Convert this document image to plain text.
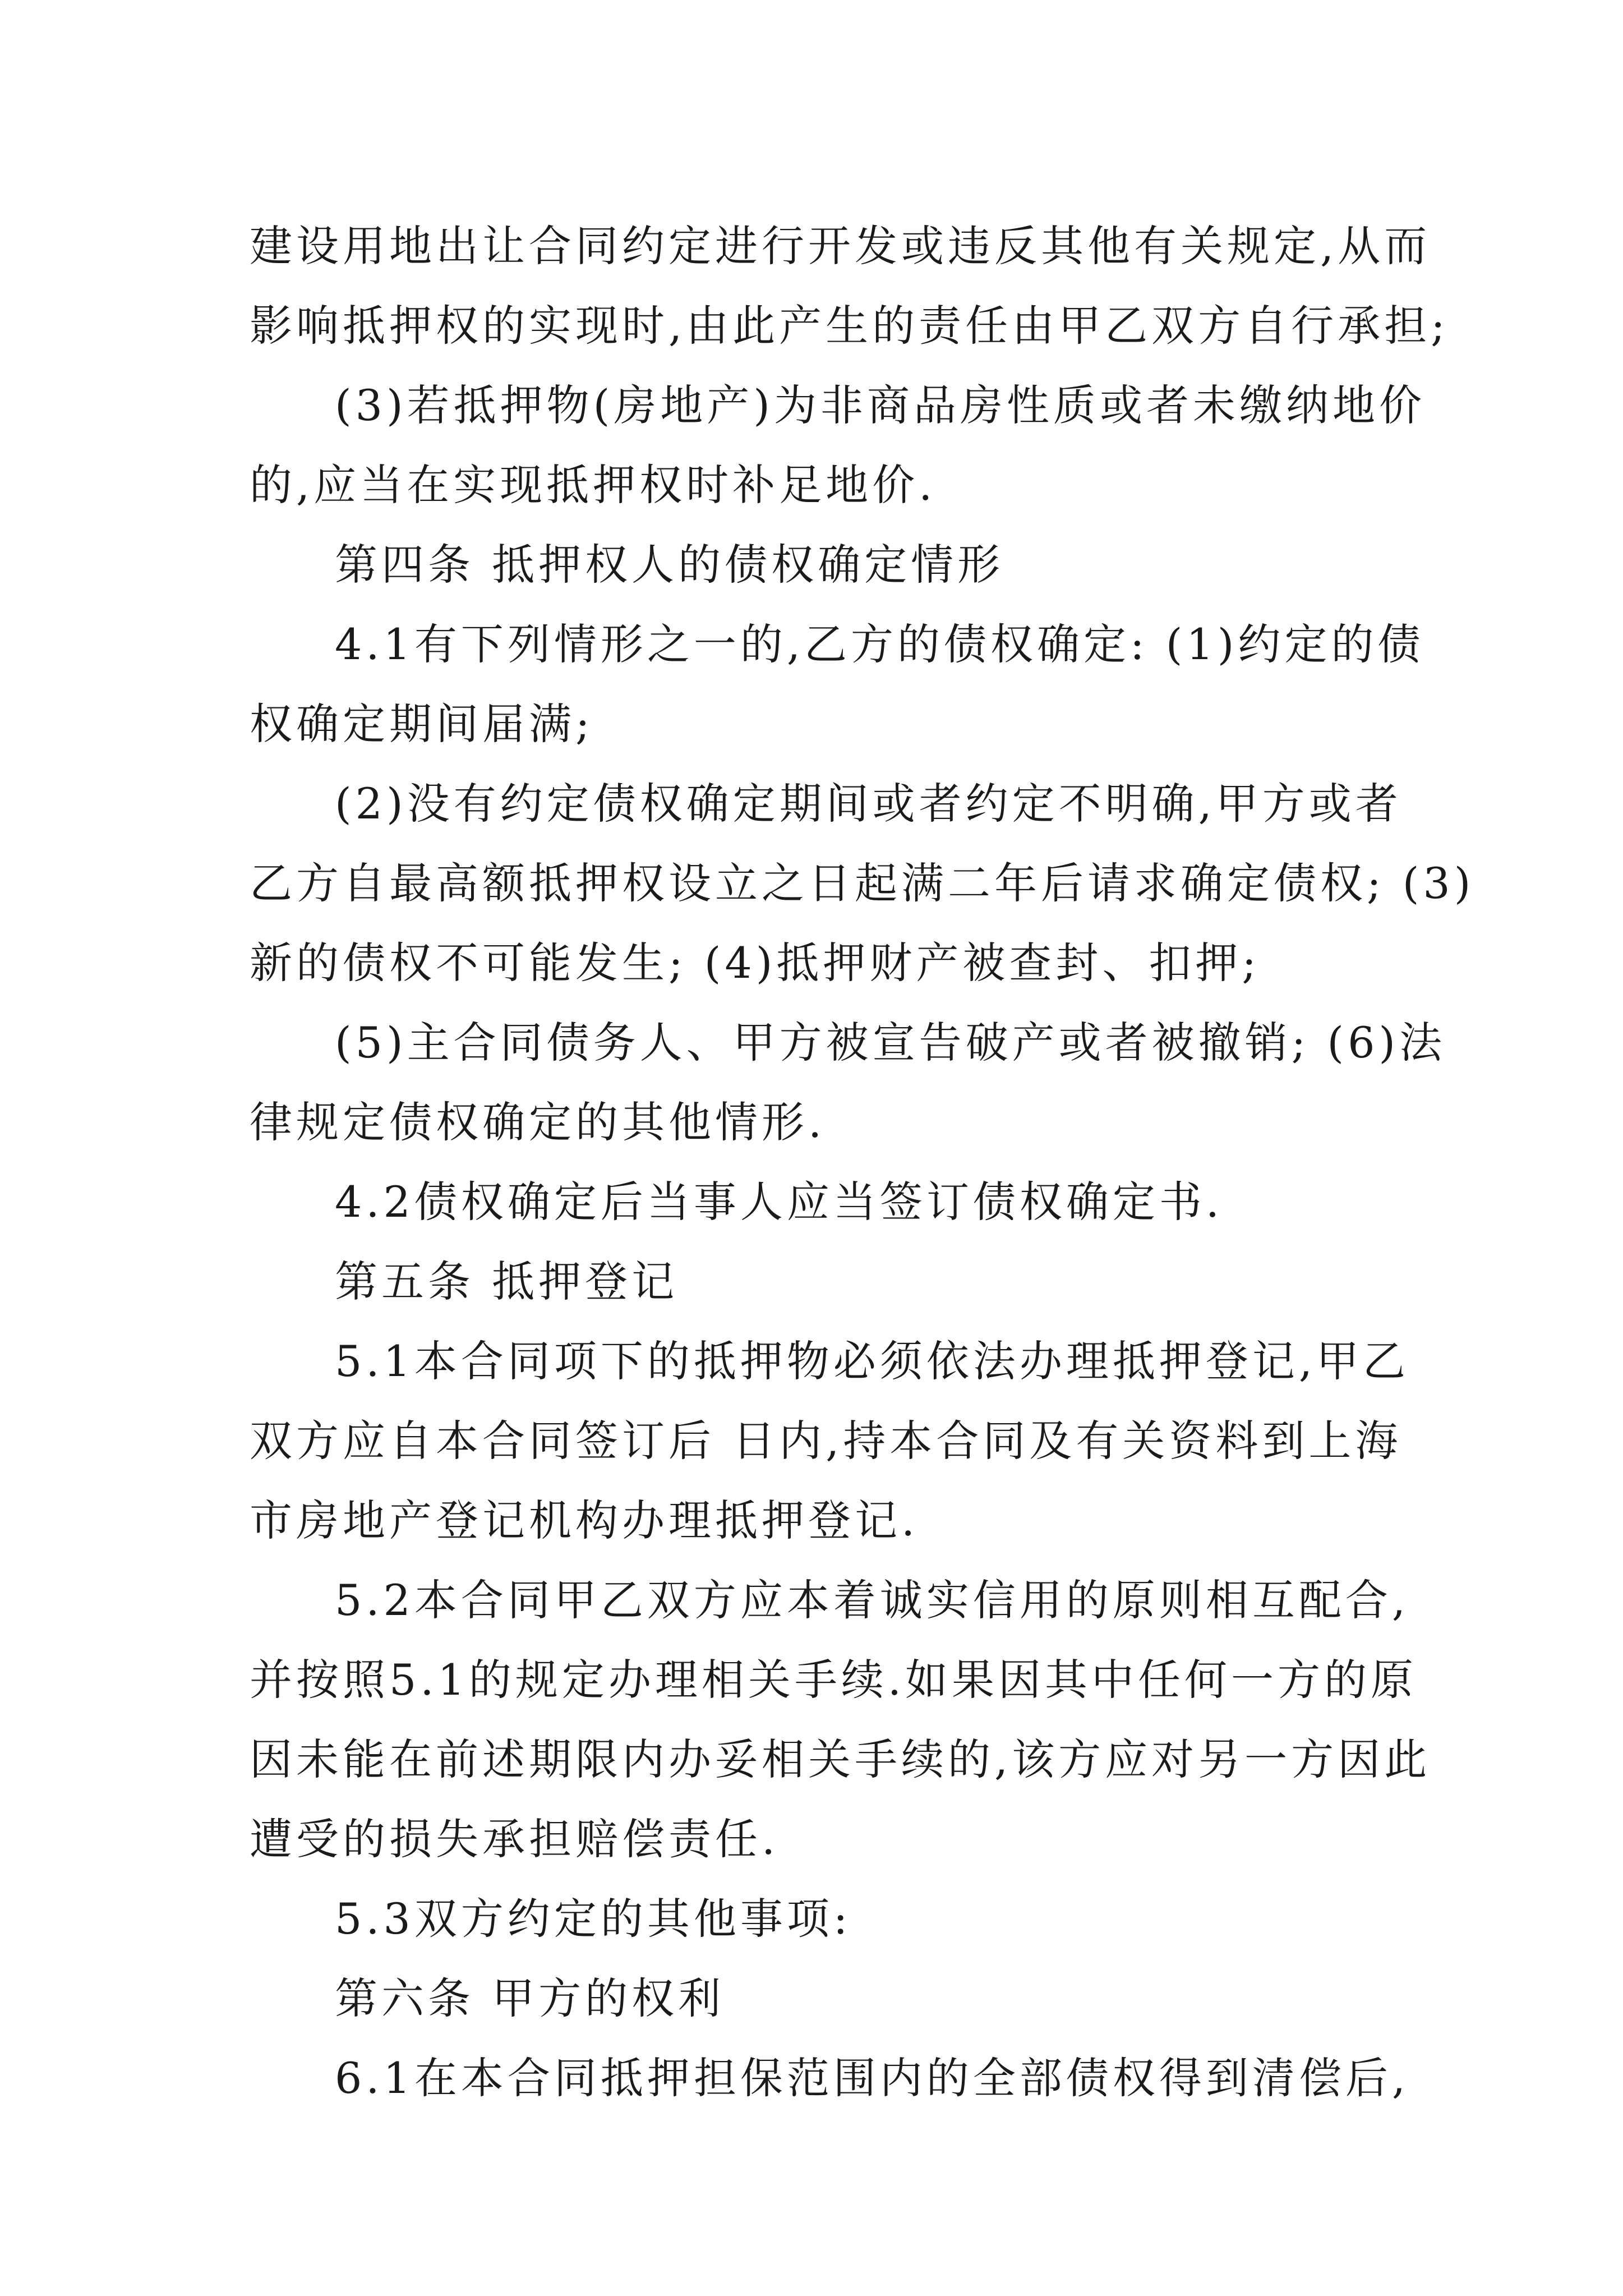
建设用地出让合同约定进行开发或违反其他有关规定,从而
影响抵押权的实现时,由此产生的责任由甲乙双方自行承担;
(3)若抵押物(房地产)为非商品房性质或者未缴纳地价
的,应当在实现抵押权时补足地价.
第四条 抵押权人的债权确定情形
4.1有下列情形之一的,乙方的债权确定: (1)约定的债
权确定期间届满;
(2)没有约定债权确定期间或者约定不明确,甲方或者
乙方自最高额抵押权设立之日起满二年后请求确定债权; (3)
新的债权不可能发生; (4)抵押财产被查封、扣押;
(5)主合同债务人、甲方被宣告破产或者被撤销; (6)法
律规定债权确定的其他情形.
4.2债权确定后当事人应当签订债权确定书.
第五条 抵押登记
5.1本合同项下的抵押物必须依法办理抵押登记,甲乙
双方应自本合同签订后 日内,持本合同及有关资料到上海
市房地产登记机构办理抵押登记.
5.2本合同甲乙双方应本着诚实信用的原则相互配合,
并按照5.1的规定办理相关手续.如果因其中任何一方的原
因未能在前述期限内办妥相关手续的,该方应对另一方因此
遭受的损失承担赔偿责任.
5.3双方约定的其他事项:
第六条 甲方的权利
6.1在本合同抵押担保范围内的全部债权得到清偿后,
